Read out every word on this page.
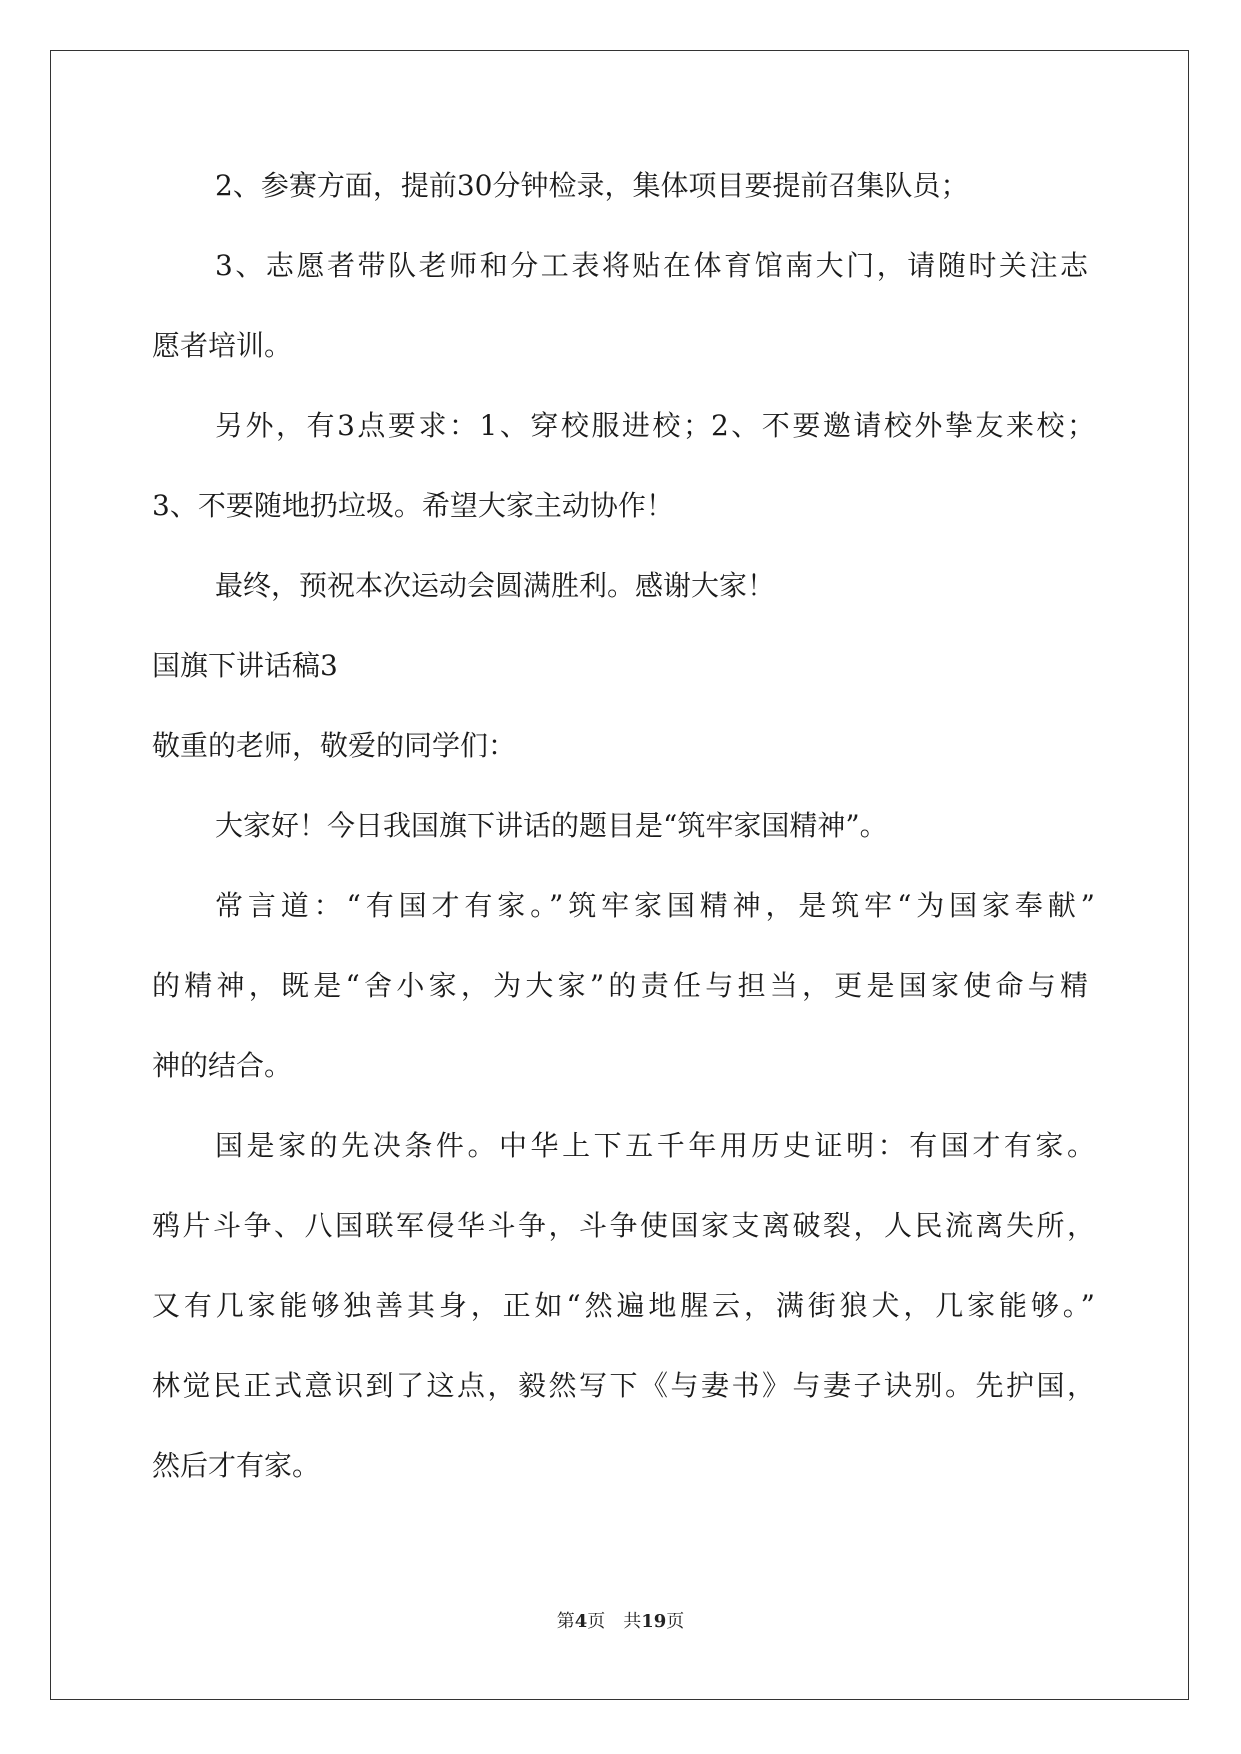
2、参赛方面，提前30分钟检录，集体项目要提前召集队员；
3、志愿者带队老师和分工表将贴在体育馆南大门，请随时关注志
愿者培训。
另外，有3点要求：1、穿校服进校；2、不要邀请校外挚友来校；
3、不要随地扔垃圾。希望大家主动协作！
最终，预祝本次运动会圆满胜利。感谢大家！
国旗下讲话稿3
敬重的老师，敬爱的同学们：
大家好！今日我国旗下讲话的题目是“筑牢家国精神”。
常言道：“有国才有家。”筑牢家国精神，是筑牢“为国家奉献”
的精神，既是“舍小家，为大家”的责任与担当，更是国家使命与精
神的结合。
国是家的先决条件。中华上下五千年用历史证明：有国才有家。
鸦片斗争、八国联军侵华斗争，斗争使国家支离破裂，人民流离失所，
又有几家能够独善其身，正如“然遍地腥云，满街狼犬，几家能够。”
林觉民正式意识到了这点，毅然写下《与妻书》与妻子诀别。先护国，
然后才有家。
第4页 共19页
